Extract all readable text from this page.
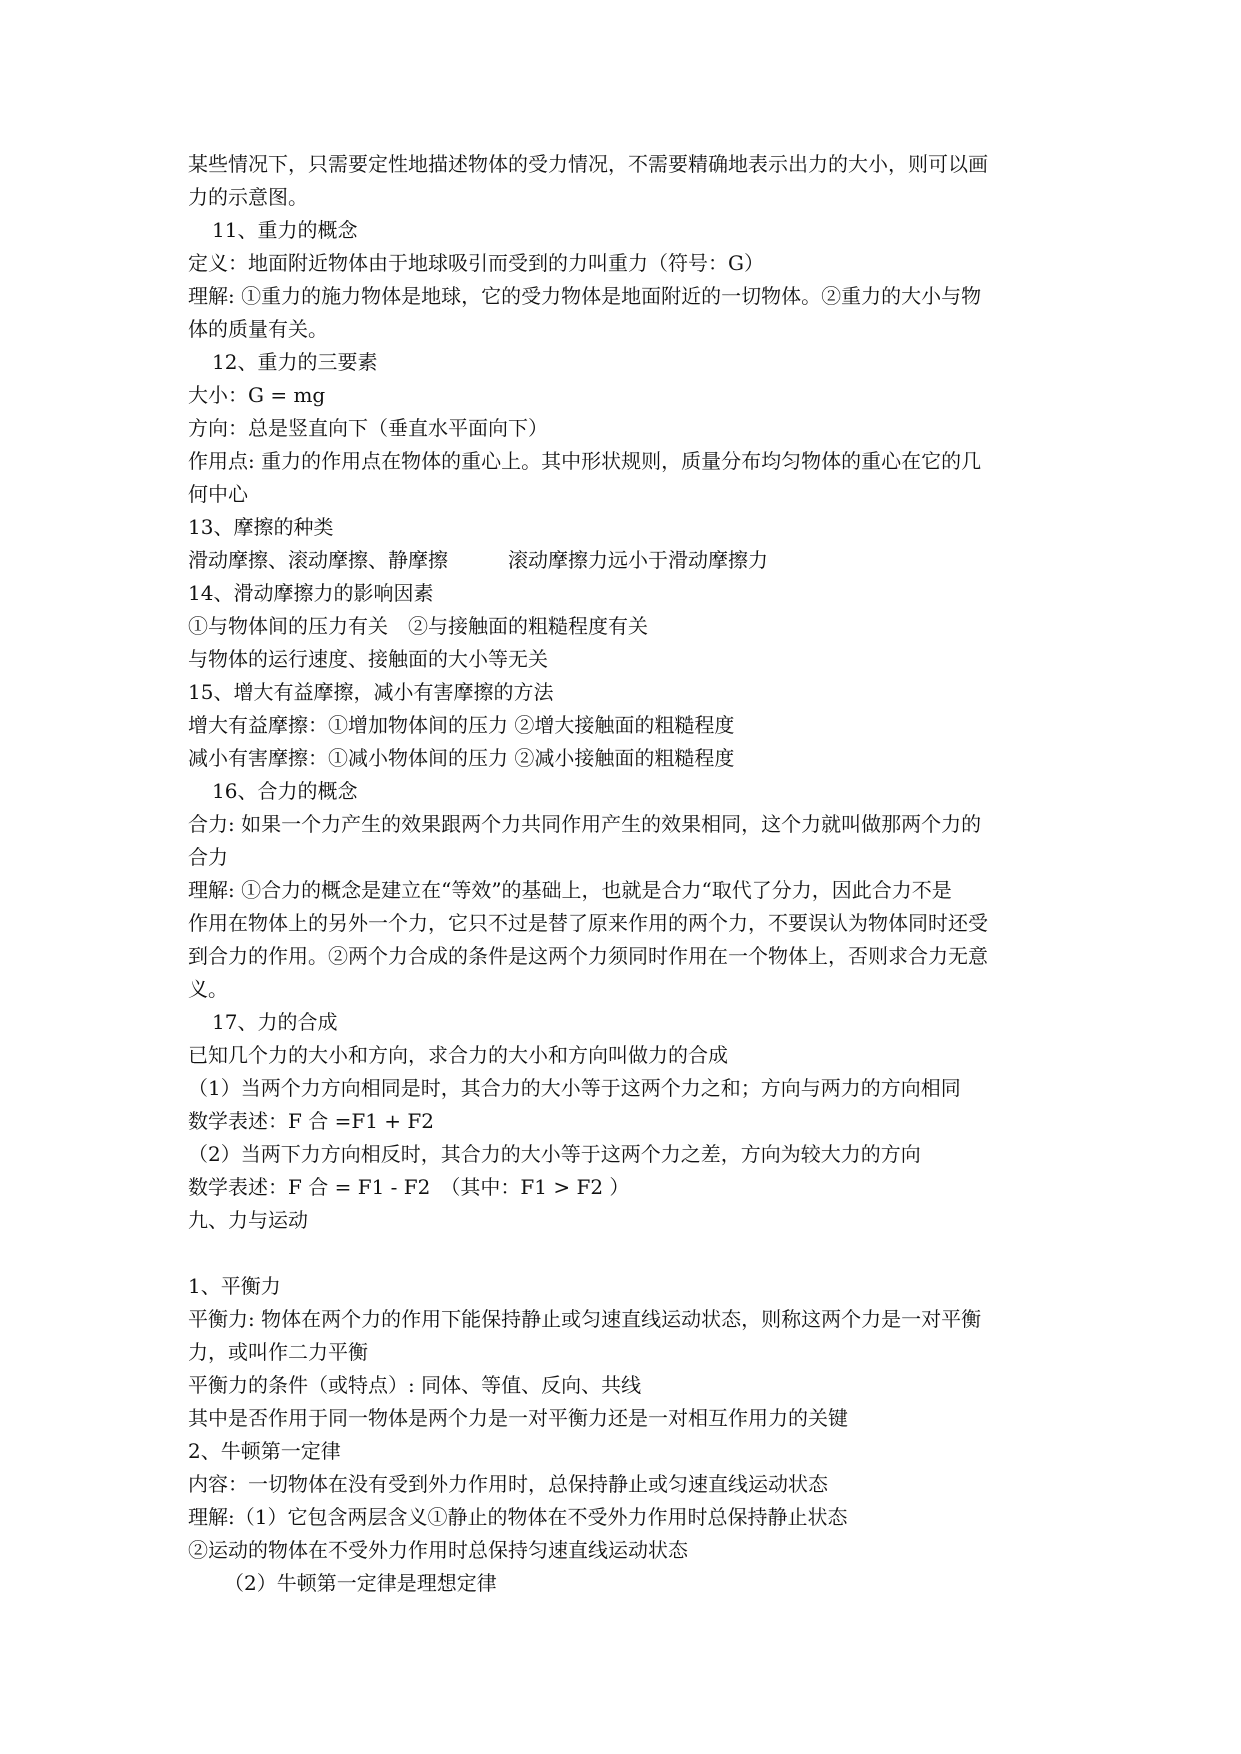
某些情况下，只需要定性地描述物体的受力情况，不需要精确地表示出力的大小，则可以画
力的示意图。
11、重力的概念
定义：地面附近物体由于地球吸引而受到的力叫重力（符号：G）
理解: ①重力的施力物体是地球，它的受力物体是地面附近的一切物体。②重力的大小与物
体的质量有关。
12、重力的三要素
大小：G = mg
方向：总是竖直向下（垂直水平面向下）
作用点: 重力的作用点在物体的重心上。其中形状规则，质量分布均匀物体的重心在它的几
何中心
13、摩擦的种类
滑动摩擦、滚动摩擦、静摩擦　　　滚动摩擦力远小于滑动摩擦力
14、滑动摩擦力的影响因素
①与物体间的压力有关　②与接触面的粗糙程度有关
与物体的运行速度、接触面的大小等无关
15、增大有益摩擦，减小有害摩擦的方法
增大有益摩擦：①增加物体间的压力 ②增大接触面的粗糙程度
减小有害摩擦：①减小物体间的压力 ②减小接触面的粗糙程度
16、合力的概念
合力: 如果一个力产生的效果跟两个力共同作用产生的效果相同，这个力就叫做那两个力的
合力
理解: ①合力的概念是建立在“等效”的基础上，也就是合力“取代了分力，因此合力不是
作用在物体上的另外一个力，它只不过是替了原来作用的两个力，不要误认为物体同时还受
到合力的作用。②两个力合成的条件是这两个力须同时作用在一个物体上，否则求合力无意
义。
17、力的合成
已知几个力的大小和方向，求合力的大小和方向叫做力的合成
（1）当两个力方向相同是时，其合力的大小等于这两个力之和；方向与两力的方向相同
数学表述：F 合 =F1 + F2
（2）当两下力方向相反时，其合力的大小等于这两个力之差，方向为较大力的方向
数学表述：F 合 = F1 - F2　（其中：F1 > F2 ）
九、力与运动
1、平衡力
平衡力: 物体在两个力的作用下能保持静止或匀速直线运动状态，则称这两个力是一对平衡
力，或叫作二力平衡
平衡力的条件（或特点）: 同体、等值、反向、共线
其中是否作用于同一物体是两个力是一对平衡力还是一对相互作用力的关键
2、牛顿第一定律
内容：一切物体在没有受到外力作用时，总保持静止或匀速直线运动状态
理解:（1）它包含两层含义①静止的物体在不受外力作用时总保持静止状态
②运动的物体在不受外力作用时总保持匀速直线运动状态
（2）牛顿第一定律是理想定律
